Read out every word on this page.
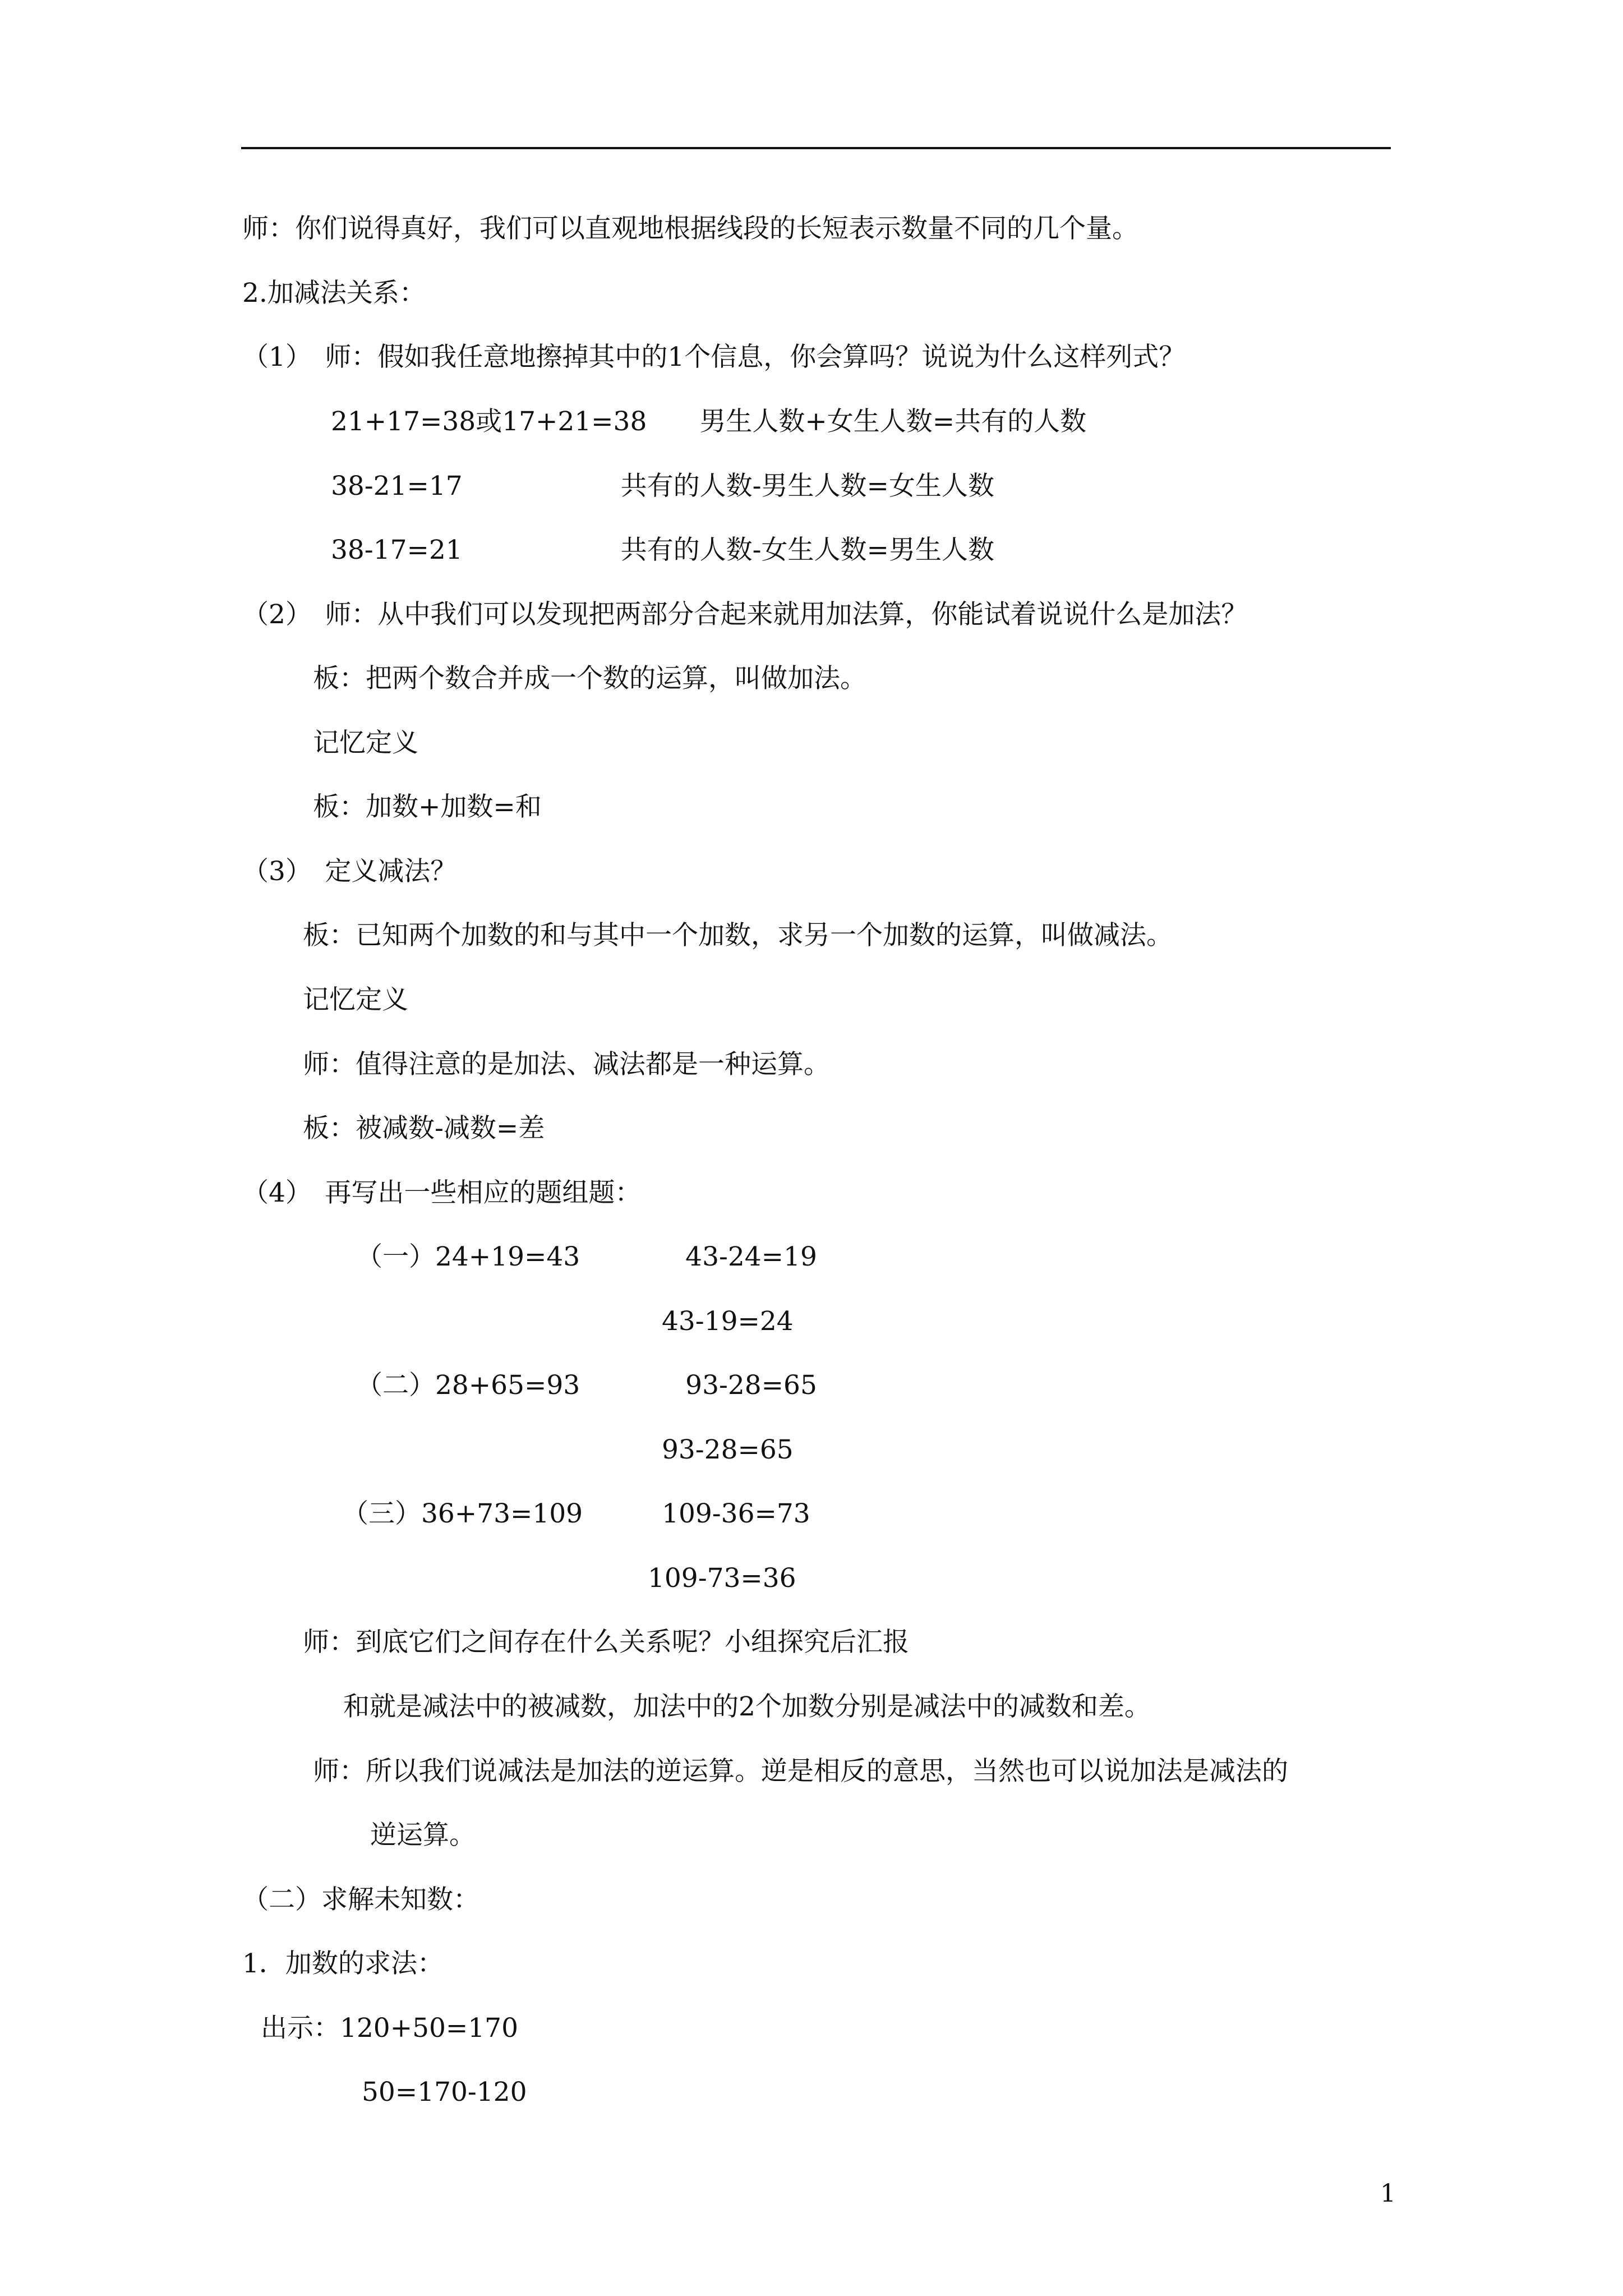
师：你们说得真好，我们可以直观地根据线段的长短表示数量不同的几个量。
2.加减法关系：
（1）　师：假如我任意地擦掉其中的1个信息，你会算吗？说说为什么这样列式？
21+17=38或17+21=38　　男生人数+女生人数=共有的人数
38-21=17　　　　　　共有的人数-男生人数=女生人数
38-17=21　　　　　　共有的人数-女生人数=男生人数
（2）　师：从中我们可以发现把两部分合起来就用加法算，你能试着说说什么是加法？
板：把两个数合并成一个数的运算，叫做加法。
记忆定义
板：加数+加数=和
（3）　定义减法？
板：已知两个加数的和与其中一个加数，求另一个加数的运算，叫做减法。
记忆定义
师：值得注意的是加法、减法都是一种运算。
板：被减数-减数=差
（4）　再写出一些相应的题组题：
（一）24+19=43　　　　43-24=19
43-19=24
（二）28+65=93　　　　93-28=65
93-28=65
（三）36+73=109　　　109-36=73
109-73=36
师：到底它们之间存在什么关系呢？小组探究后汇报
和就是减法中的被减数，加法中的2个加数分别是减法中的减数和差。
师：所以我们说减法是加法的逆运算。逆是相反的意思，当然也可以说加法是减法的
逆运算。
（二）求解未知数：
1．加数的求法：
出示：120+50=170
50=170-120
1
